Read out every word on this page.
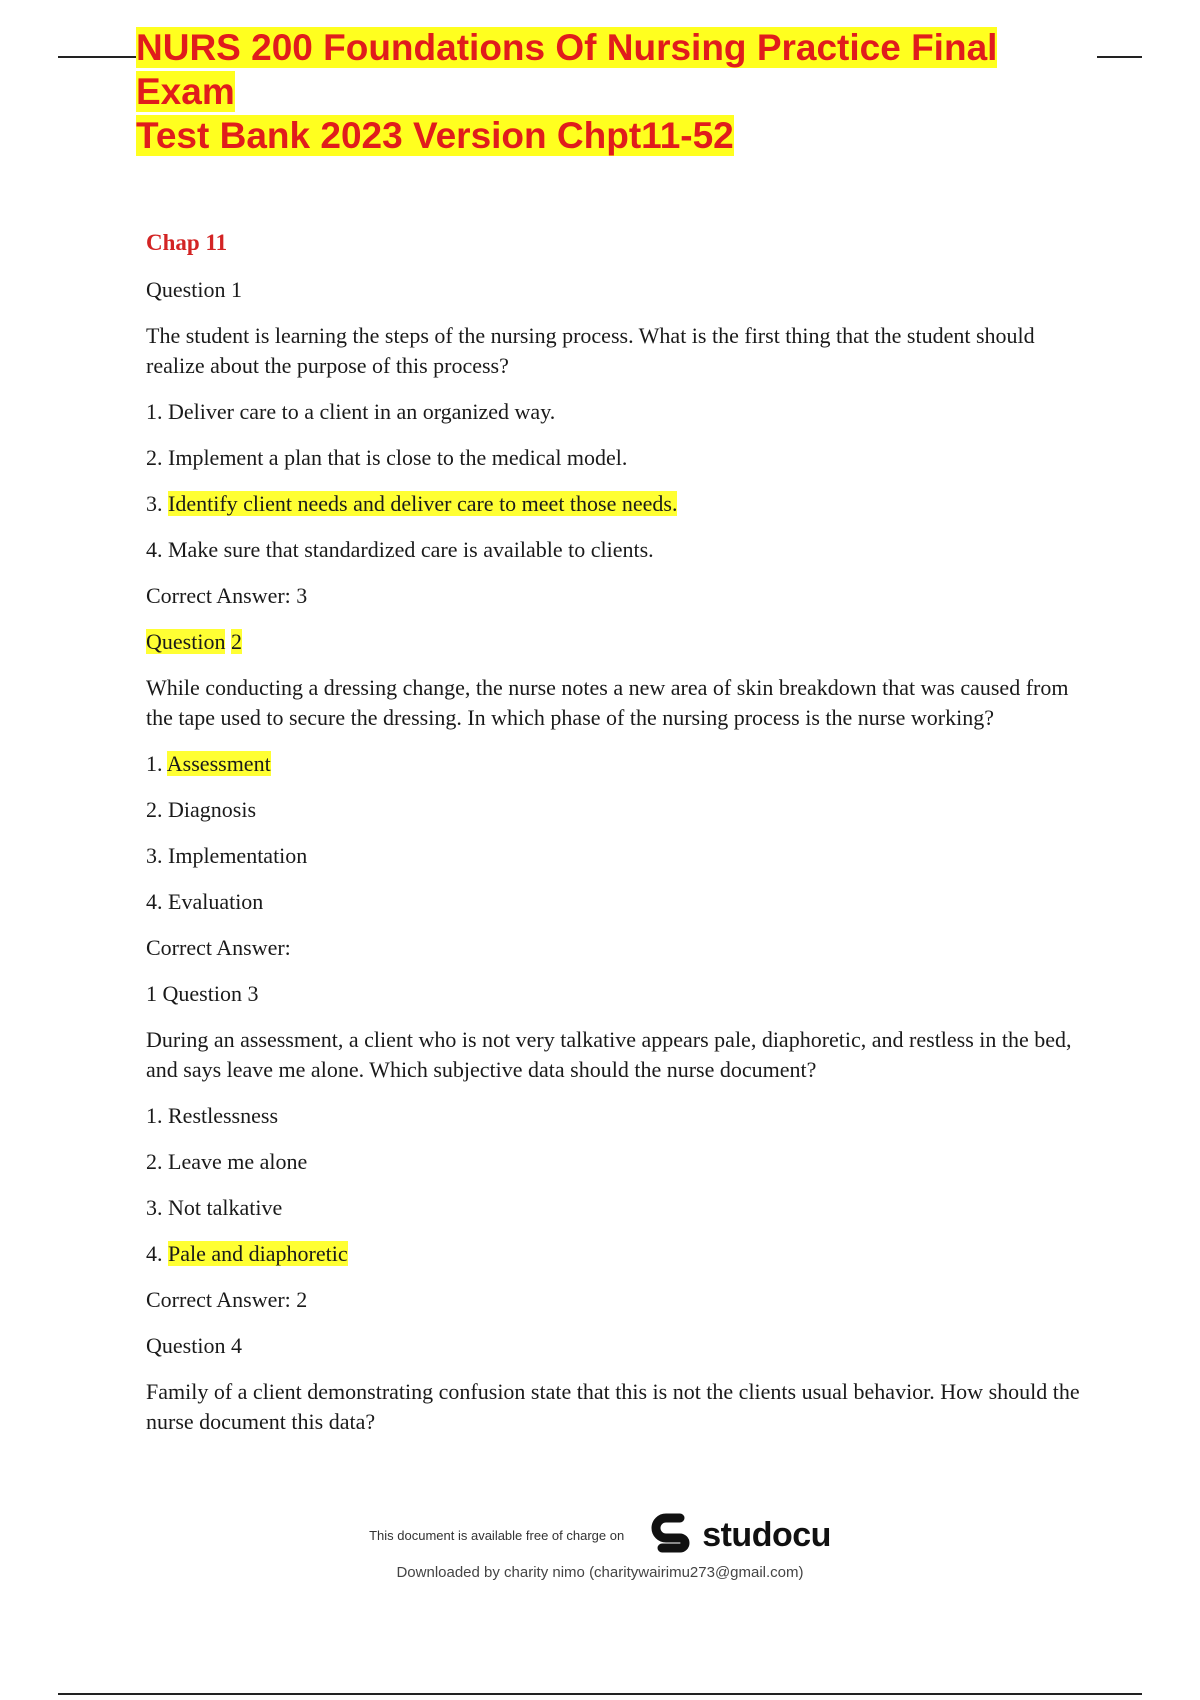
NURS 200 Foundations Of Nursing Practice Final Exam
Test Bank 2023 Version Chpt11-52
Chap 11
Question 1
The student is learning the steps of the nursing process. What is the first thing that the student should realize about the purpose of this process?
1. Deliver care to a client in an organized way.
2. Implement a plan that is close to the medical model.
3. Identify client needs and deliver care to meet those needs.
4. Make sure that standardized care is available to clients.
Correct Answer: 3
Question 2
While conducting a dressing change, the nurse notes a new area of skin breakdown that was caused from the tape used to secure the dressing. In which phase of the nursing process is the nurse working?
1. Assessment
2. Diagnosis
3. Implementation
4. Evaluation
Correct Answer:
1 Question 3
During an assessment, a client who is not very talkative appears pale, diaphoretic, and restless in the bed, and says leave me alone. Which subjective data should the nurse document?
1. Restlessness
2. Leave me alone
3. Not talkative
4. Pale and diaphoretic
Correct Answer: 2
Question 4
Family of a client demonstrating confusion state that this is not the clients usual behavior. How should the nurse document this data?
This document is available free of charge on studocu
Downloaded by charity nimo (charitywairimu273@gmail.com)
